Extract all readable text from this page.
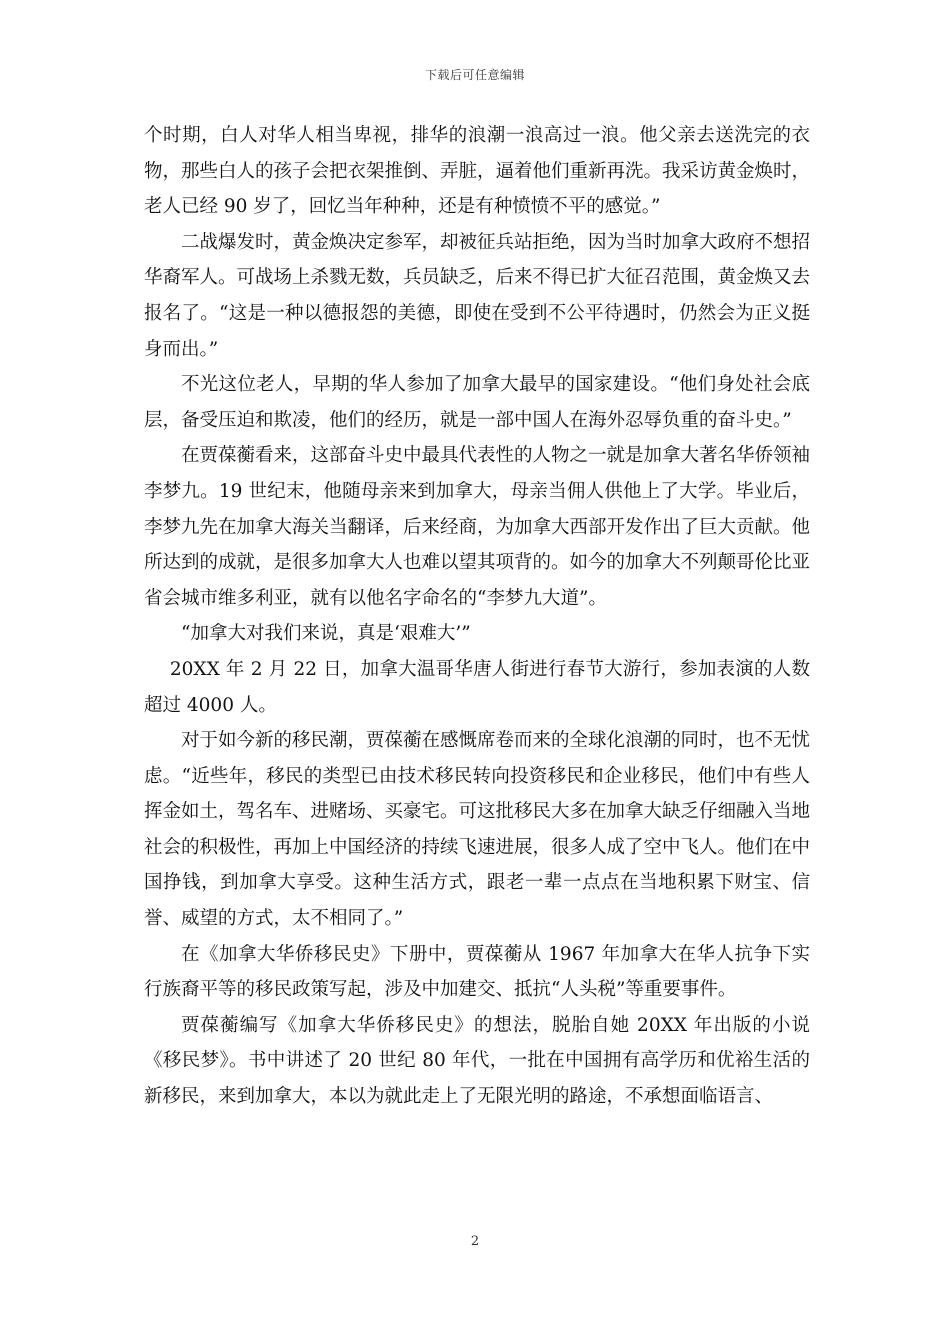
下载后可任意编辑

个时期，白人对华人相当卑视，排华的浪潮一浪高过一浪。他父亲去送洗完的衣物，那些白人的孩子会把衣架推倒、弄脏，逼着他们重新再洗。我采访黄金焕时，老人已经 90 岁了，回忆当年种种，还是有种愤愤不平的感觉。”

二战爆发时，黄金焕决定参军，却被征兵站拒绝，因为当时加拿大政府不想招华裔军人。可战场上杀戮无数，兵员缺乏，后来不得已扩大征召范围，黄金焕又去报名了。“这是一种以德报怨的美德，即使在受到不公平待遇时，仍然会为正义挺身而出。”

不光这位老人，早期的华人参加了加拿大最早的国家建设。“他们身处社会底层，备受压迫和欺凌，他们的经历，就是一部中国人在海外忍辱负重的奋斗史。”

在贾葆蘅看来，这部奋斗史中最具代表性的人物之一就是加拿大著名华侨领袖李梦九。19 世纪末，他随母亲来到加拿大，母亲当佣人供他上了大学。毕业后，李梦九先在加拿大海关当翻译，后来经商，为加拿大西部开发作出了巨大贡献。他所达到的成就，是很多加拿大人也难以望其项背的。如今的加拿大不列颠哥伦比亚省会城市维多利亚，就有以他名字命名的“李梦九大道”。

“加拿大对我们来说，真是‘艰难大’”

20XX 年 2 月 22 日，加拿大温哥华唐人街进行春节大游行，参加表演的人数超过 4000 人。

对于如今新的移民潮，贾葆蘅在感慨席卷而来的全球化浪潮的同时，也不无忧虑。“近些年，移民的类型已由技术移民转向投资移民和企业移民，他们中有些人挥金如土，驾名车、进赌场、买豪宅。可这批移民大多在加拿大缺乏仔细融入当地社会的积极性，再加上中国经济的持续飞速进展，很多人成了空中飞人。他们在中国挣钱，到加拿大享受。这种生活方式，跟老一辈一点点在当地积累下财宝、信誉、威望的方式，太不相同了。”

在《加拿大华侨移民史》下册中，贾葆蘅从 1967 年加拿大在华人抗争下实行族裔平等的移民政策写起，涉及中加建交、抵抗“人头税”等重要事件。

贾葆蘅编写《加拿大华侨移民史》的想法，脱胎自她 20XX 年出版的小说《移民梦》。书中讲述了 20 世纪 80 年代，一批在中国拥有高学历和优裕生活的新移民，来到加拿大，本以为就此走上了无限光明的路途，不承想面临语言、

2
